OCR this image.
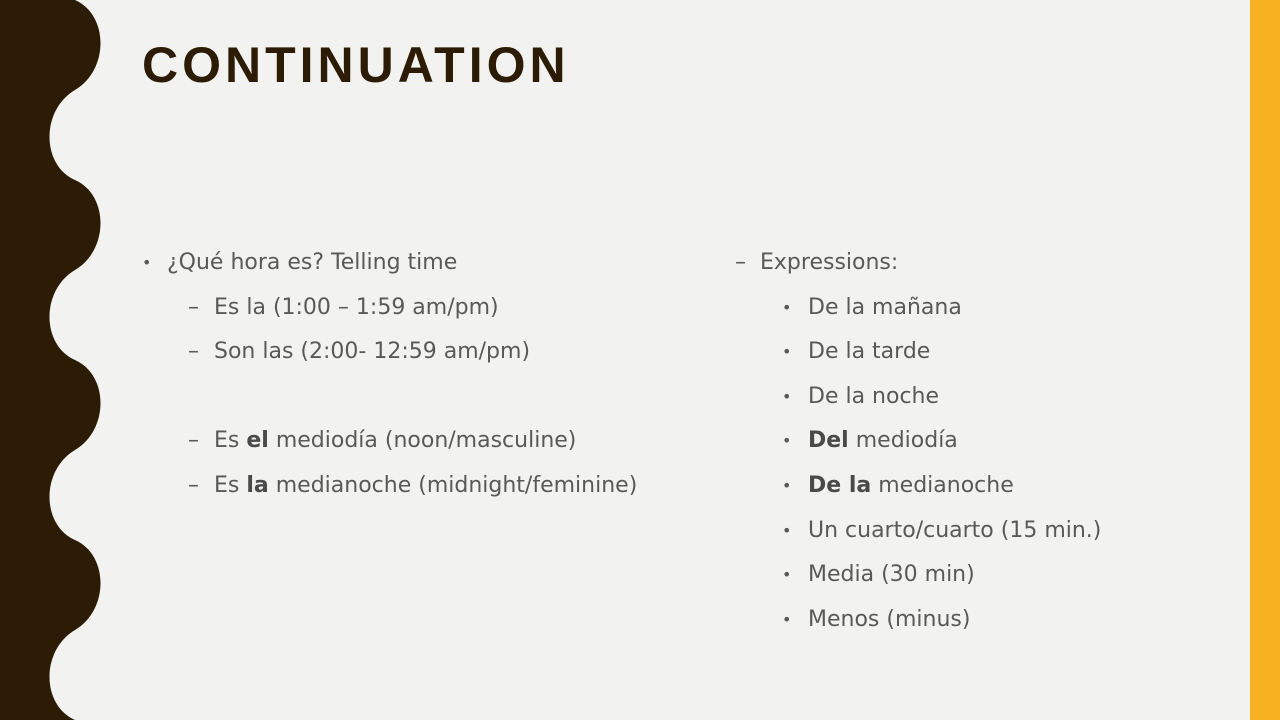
CONTINUATION
• ¿Qué hora es? Telling time
– Es la (1:00 – 1:59 am/pm)
– Son las (2:00- 12:59 am/pm)
– Es el mediodía (noon/masculine)
– Es la medianoche (midnight/feminine)
– Expressions:
• De la mañana
• De la tarde
• De la noche
• Del mediodía
• De la medianoche
• Un cuarto/cuarto (15 min.)
• Media (30 min)
• Menos (minus)
